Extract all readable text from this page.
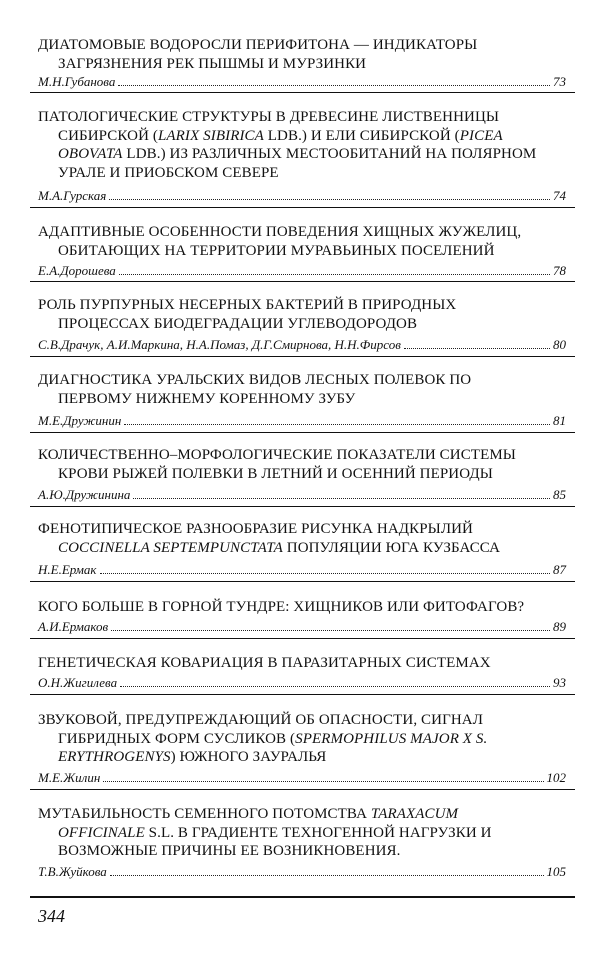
ДИАТОМОВЫЕ ВОДОРОСЛИ ПЕРИФИТОНА — ИНДИКАТОРЫ
ЗАГРЯЗНЕНИЯ РЕК ПЫШМЫ И МУРЗИНКИ
М.Н.Губанова	73
ПАТОЛОГИЧЕСКИЕ СТРУКТУРЫ В ДРЕВЕСИНЕ ЛИСТВЕННИЦЫ
СИБИРСКОЙ (LARIX SIBIRICA LDB.) И ЕЛИ СИБИРСКОЙ (PICEA
OBOVATA LDB.) ИЗ РАЗЛИЧНЫХ МЕСТООБИТАНИЙ НА ПОЛЯРНОМ
УРАЛЕ И ПРИОБСКОМ СЕВЕРЕ
М.А.Гурская	74
АДАПТИВНЫЕ ОСОБЕННОСТИ ПОВЕДЕНИЯ ХИЩНЫХ ЖУЖЕЛИЦ,
ОБИТАЮЩИХ НА ТЕРРИТОРИИ МУРАВЬИНЫХ ПОСЕЛЕНИЙ
Е.А.Дорошева	78
РОЛЬ ПУРПУРНЫХ НЕСЕРНЫХ БАКТЕРИЙ В ПРИРОДНЫХ
ПРОЦЕССАХ БИОДЕГРАДАЦИИ УГЛЕВОДОРОДОВ
С.В.Драчук, А.И.Маркина, Н.А.Помаз, Д.Г.Смирнова, Н.Н.Фирсов	80
ДИАГНОСТИКА УРАЛЬСКИХ ВИДОВ ЛЕСНЫХ ПОЛЕВОК ПО
ПЕРВОМУ НИЖНЕМУ КОРЕННОМУ ЗУБУ
М.Е.Дружинин	81
КОЛИЧЕСТВЕННО–МОРФОЛОГИЧЕСКИЕ ПОКАЗАТЕЛИ СИСТЕМЫ
КРОВИ РЫЖЕЙ ПОЛЕВКИ В ЛЕТНИЙ И ОСЕННИЙ ПЕРИОДЫ
А.Ю.Дружинина	85
ФЕНОТИПИЧЕСКОЕ РАЗНООБРАЗИЕ РИСУНКА НАДКРЫЛИЙ
COCCINELLA SEPTEMPUNCTATA ПОПУЛЯЦИИ ЮГА КУЗБАССА
Н.Е.Ермак	87
КОГО БОЛЬШЕ В ГОРНОЙ ТУНДРЕ: ХИЩНИКОВ ИЛИ ФИТОФАГОВ?
А.И.Ермаков	89
ГЕНЕТИЧЕСКАЯ КОВАРИАЦИЯ В ПАРАЗИТАРНЫХ СИСТЕМАХ
О.Н.Жигилева	93
ЗВУКОВОЙ, ПРЕДУПРЕЖДАЮЩИЙ ОБ ОПАСНОСТИ, СИГНАЛ
ГИБРИДНЫХ ФОРМ СУСЛИКОВ (SPERMOPHILUS MAJOR X S.
ERYTHROGENYS) ЮЖНОГО ЗАУРАЛЬЯ
М.Е.Жилин	102
МУТАБИЛЬНОСТЬ СЕМЕННОГО ПОТОМСТВА TARAXACUM
OFFICINALE S.L. В ГРАДИЕНТЕ ТЕХНОГЕННОЙ НАГРУЗКИ И
ВОЗМОЖНЫЕ ПРИЧИНЫ ЕЕ ВОЗНИКНОВЕНИЯ.
Т.В.Жуйкова	105
344
